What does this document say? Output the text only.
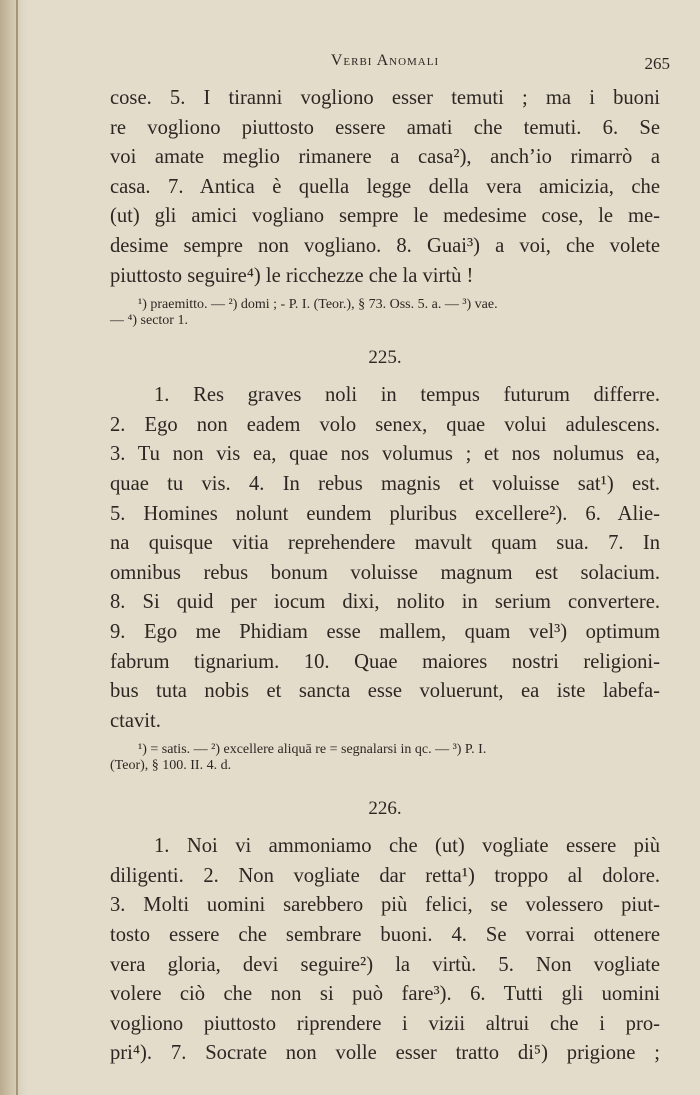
Verbi Anomali	265
cose. 5. I tiranni vogliono esser temuti ; ma i buoni
re vogliono piuttosto essere amati che temuti. 6. Se
voi amate meglio rimanere a casa²), anch’io rimarrò a
casa. 7. Antica è quella legge della vera amicizia, che
(ut) gli amici vogliano sempre le medesime cose, le me-
desime sempre non vogliano. 8. Guai³) a voi, che volete
piuttosto seguire⁴) le ricchezze che la virtù !
¹) praemitto. — ²) domi ; - P. I. (Teor.), § 73. Oss. 5. a. — ³) vae.
— ⁴) sector 1.
225.
1. Res graves noli in tempus futurum differre.
2. Ego non eadem volo senex, quae volui adulescens.
3. Tu non vis ea, quae nos volumus ; et nos nolumus ea,
quae tu vis. 4. In rebus magnis et voluisse sat¹) est.
5. Homines nolunt eundem pluribus excellere²). 6. Alie-
na quisque vitia reprehendere mavult quam sua. 7. In
omnibus rebus bonum voluisse magnum est solacium.
8. Si quid per iocum dixi, nolito in serium convertere.
9. Ego me Phidiam esse mallem, quam vel³) optimum
fabrum tignarium. 10. Quae maiores nostri religioni-
bus tuta nobis et sancta esse voluerunt, ea iste labefa-
ctavit.
¹) = satis. — ²) excellere aliquā re = segnalarsi in qc. — ³) P. I.
(Teor), § 100. II. 4. d.
226.
1. Noi vi ammoniamo che (ut) vogliate essere più
diligenti. 2. Non vogliate dar retta¹) troppo al dolore.
3. Molti uomini sarebbero più felici, se volessero piut-
tosto essere che sembrare buoni. 4. Se vorrai ottenere
vera gloria, devi seguire²) la virtù. 5. Non vogliate
volere ciò che non si può fare³). 6. Tutti gli uomini
vogliono piuttosto riprendere i vizii altrui che i pro-
pri⁴). 7. Socrate non volle esser tratto di⁵) prigione ;
